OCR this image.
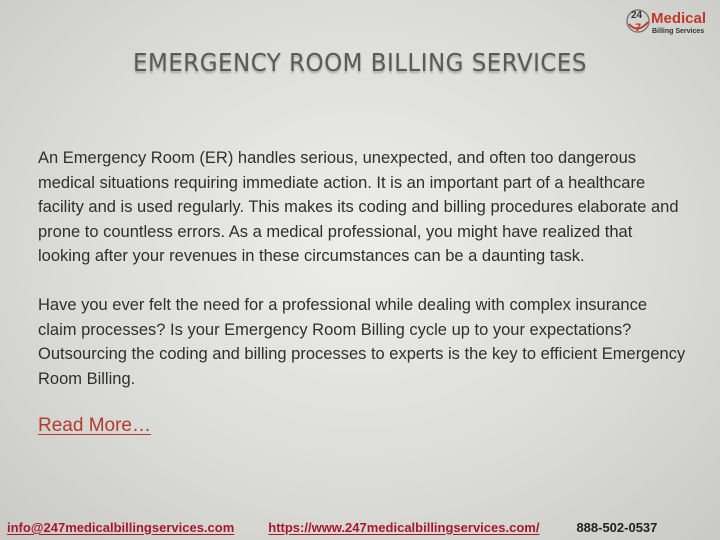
24
7
Medical
Billing Services
EMERGENCY ROOM BILLING SERVICES

An Emergency Room (ER) handles serious, unexpected, and often too dangerous medical situations requiring immediate action. It is an important part of a healthcare facility and is used regularly. This makes its coding and billing procedures elaborate and prone to countless errors. As a medical professional, you might have realized that looking after your revenues in these circumstances can be a daunting task.

Have you ever felt the need for a professional while dealing with complex insurance claim processes? Is your Emergency Room Billing cycle up to your expectations? Outsourcing the coding and billing processes to experts is the key to efficient Emergency Room Billing.

Read More…
info@247medicalbillingservices.com	https://www.247medicalbillingservices.com/	888-502-0537
